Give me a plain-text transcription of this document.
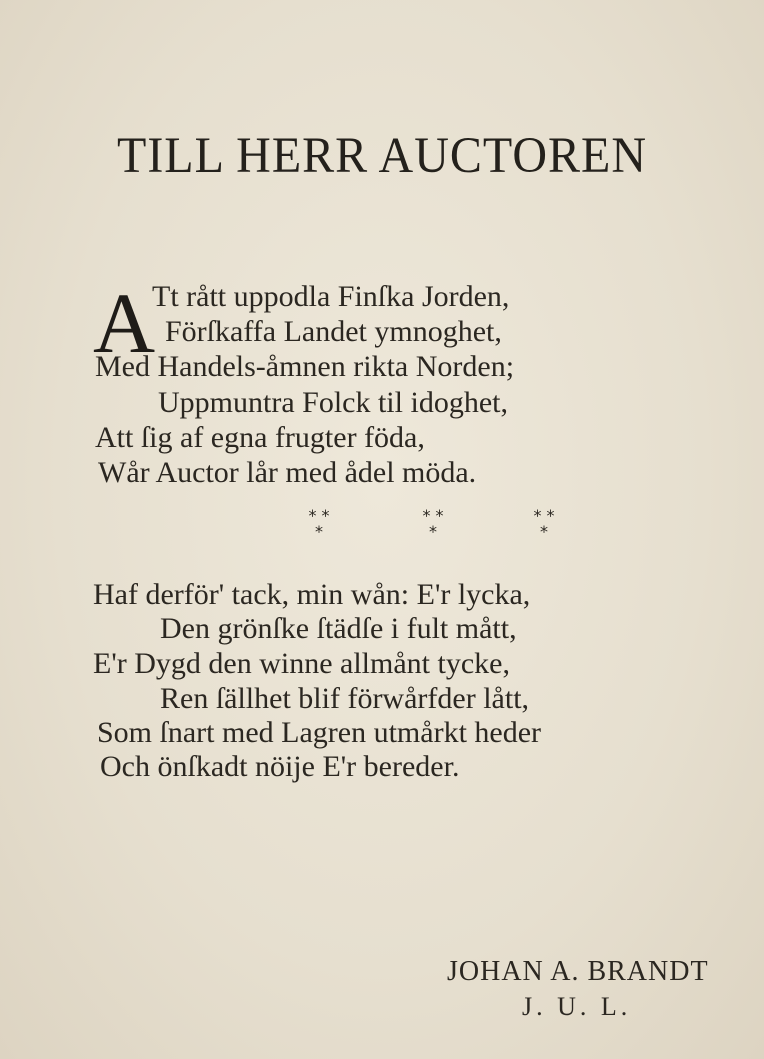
TILL HERR AUCTOREN
A
Tt rått uppodla Finſka Jorden,
Förſkaffa Landet ymnoghet,
Med Handels-åmnen rikta Norden;
Uppmuntra Folck til idoghet,
Att ſig af egna frugter föda,
Wår Auctor lår med ådel möda.
* *
*
* *
*
* *
*
Haf derför' tack, min wån: E'r lycka,
Den grönſke ſtädſe i fult mått,
E'r Dygd den winne allmånt tycke,
Ren ſällhet blif förwårfder lått,
Som ſnart med Lagren utmårkt heder
Och önſkadt nöije E'r bereder.
JOHAN A. BRANDT
J. U. L.
